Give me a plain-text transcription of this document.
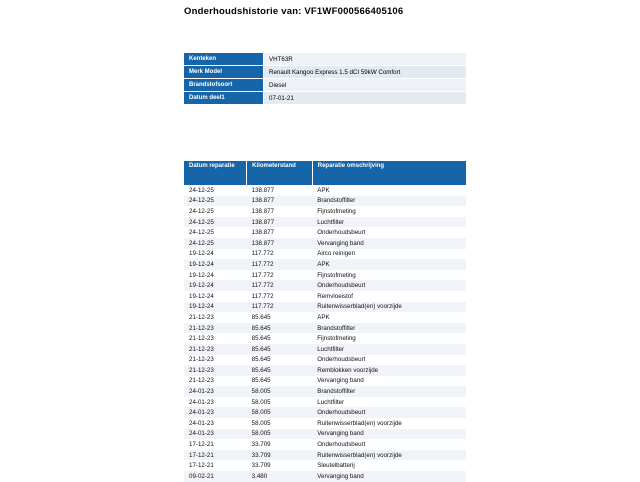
Onderhoudshistorie van: VF1WF000566405106
Kenteken	VHT63R
Merk Model	Renault Kangoo Express 1.5 dCI 59kW Comfort
Brandstofsoort	Diesel
Datum deel1	07-01-21
Datum reparatie	Kilometerstand	Reparatie omschrijving
24-12-25	138.877	APK
24-12-25	138.877	Brandstoffilter
24-12-25	138.877	Fijnstofmeting
24-12-25	138.877	Luchtfilter
24-12-25	138.877	Onderhoudsbeurt
24-12-25	138.877	Vervanging band
19-12-24	117.772	Airco reinigen
19-12-24	117.772	APK
19-12-24	117.772	Fijnstofmeting
19-12-24	117.772	Onderhoudsbeurt
19-12-24	117.772	Remvloeistof
19-12-24	117.772	Ruitenwisserblad(en) voorzijde
21-12-23	85.645	APK
21-12-23	85.645	Brandstoffilter
21-12-23	85.645	Fijnstofmeting
21-12-23	85.645	Luchtfilter
21-12-23	85.645	Onderhoudsbeurt
21-12-23	85.645	Remblokken voorzijde
21-12-23	85.645	Vervanging band
24-01-23	58.005	Brandstoffilter
24-01-23	58.005	Luchtfilter
24-01-23	58.005	Onderhoudsbeurt
24-01-23	58.005	Ruitenwisserblad(en) voorzijde
24-01-23	58.005	Vervanging band
17-12-21	33.709	Onderhoudsbeurt
17-12-21	33.709	Ruitenwisserblad(en) voorzijde
17-12-21	33.709	Sleutelbatterij
09-02-21	3.480	Vervanging band
